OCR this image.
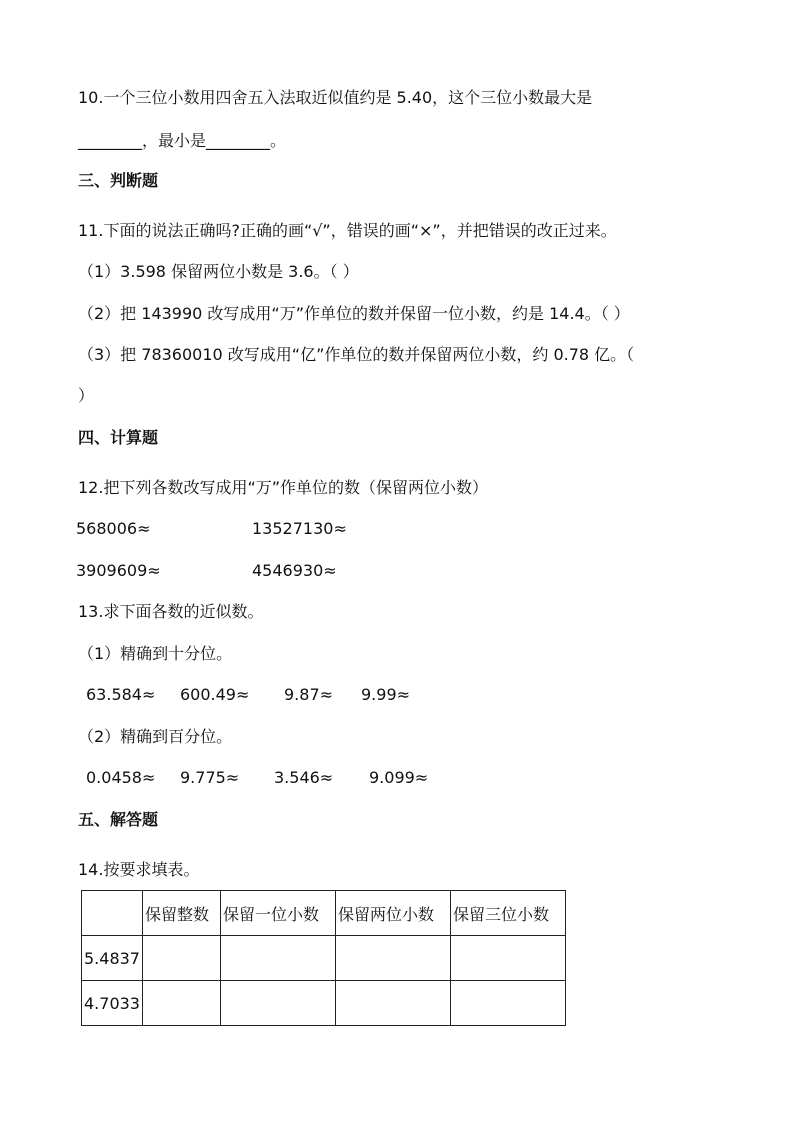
10.一个三位小数用四舍五入法取近似值约是 5.40，这个三位小数最大是
________，最小是________。
三、判断题
11.下面的说法正确吗?正确的画“√”，错误的画“×”，并把错误的改正过来。
（1）3.598 保留两位小数是 3.6。（ ）
（2）把 143990 改写成用“万”作单位的数并保留一位小数，约是 14.4。（ ）
（3）把 78360010 改写成用“亿”作单位的数并保留两位小数，约 0.78 亿。（
）
四、计算题
12.把下列各数改写成用“万”作单位的数（保留两位小数）
568006≈	13527130≈
3909609≈	4546930≈
13.求下面各数的近似数。
（1）精确到十分位。
63.584≈ 600.49≈ 9.87≈ 9.99≈
（2）精确到百分位。
0.0458≈ 9.775≈ 3.546≈ 9.099≈
五、解答题
14.按要求填表。
	保留整数	保留一位小数	保留两位小数	保留三位小数
5.4837				
4.7033				
